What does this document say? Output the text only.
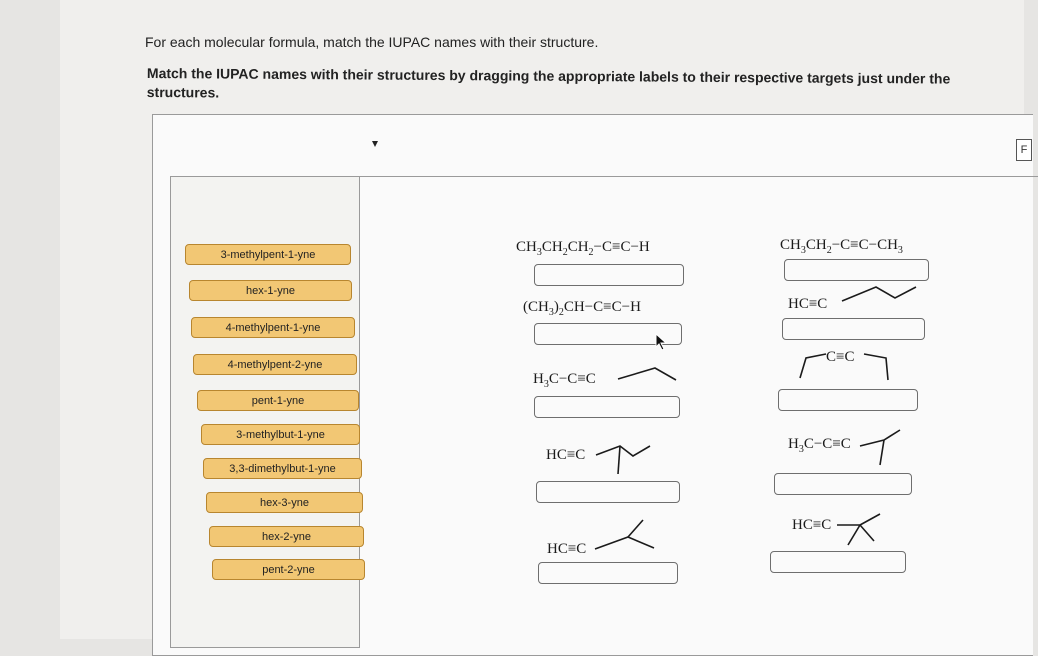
For each molecular formula, match the IUPAC names with their structure.
Match the IUPAC names with their structures by dragging the appropriate labels to their respective targets just under the structures.
F
3-methylpent-1-yne
hex-1-yne
4-methylpent-1-yne
4-methylpent-2-yne
pent-1-yne
3-methylbut-1-yne
3,3-dimethylbut-1-yne
hex-3-yne
hex-2-yne
pent-2-yne
$CH_3CH_2CH_2-C\equiv C-H$	$CH_3CH_2-C\equiv C-CH_3$
$(CH_3)_2CH-C\equiv C-H$	HC≡C
$H_3C-C\equiv C$
C≡C
HC≡C
$H_3C-C\equiv C$
HC≡C
HC≡C
